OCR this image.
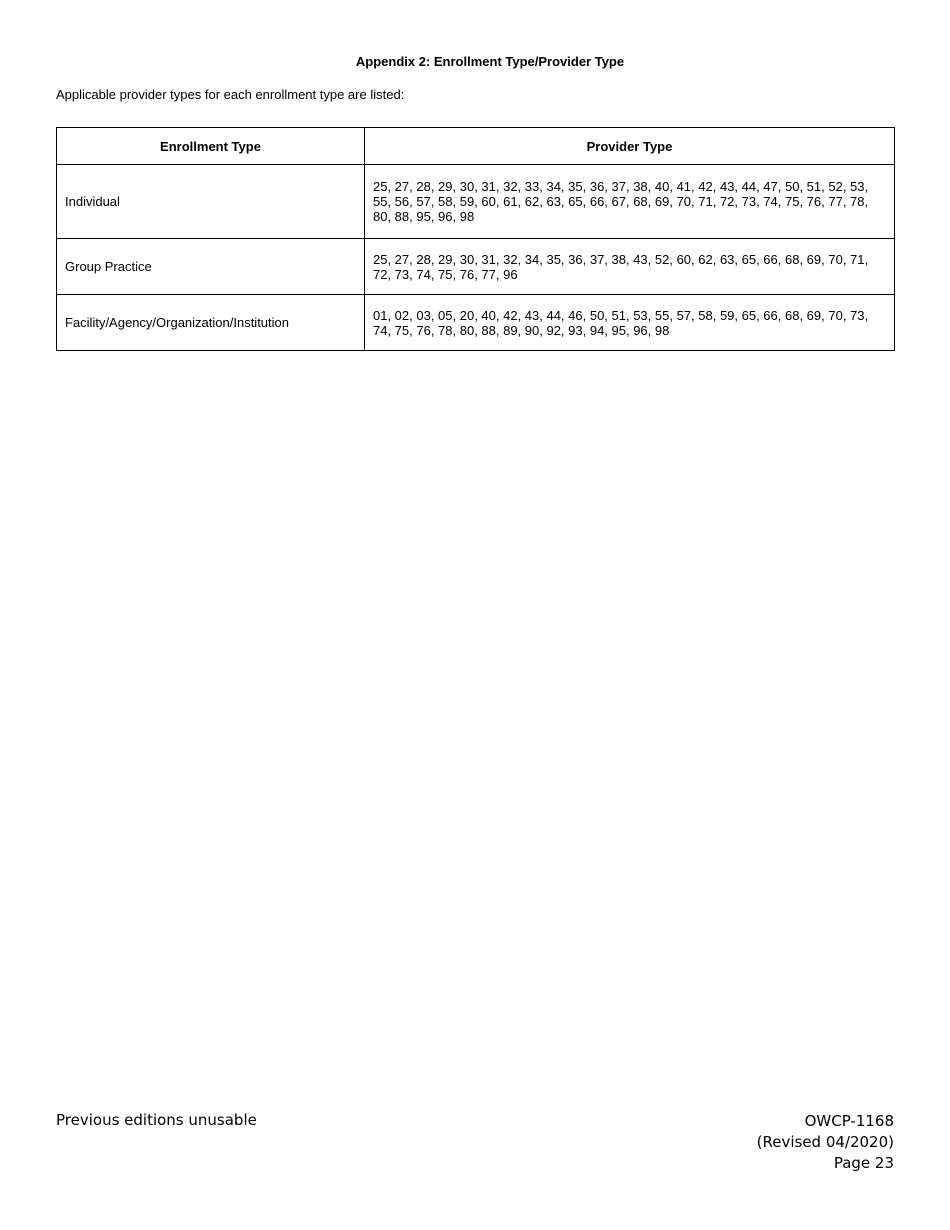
Appendix 2: Enrollment Type/Provider Type

Applicable provider types for each enrollment type are listed:

Enrollment Type	Provider Type
Individual	25, 27, 28, 29, 30, 31, 32, 33, 34, 35, 36, 37, 38, 40, 41, 42, 43, 44, 47, 50, 51, 52, 53, 55, 56, 57, 58, 59, 60, 61, 62, 63, 65, 66, 67, 68, 69, 70, 71, 72, 73, 74, 75, 76, 77, 78, 80, 88, 95, 96, 98
Group Practice	25, 27, 28, 29, 30, 31, 32, 34, 35, 36, 37, 38, 43, 52, 60, 62, 63, 65, 66, 68, 69, 70, 71, 72, 73, 74, 75, 76, 77, 96
Facility/Agency/Organization/Institution	01, 02, 03, 05, 20, 40, 42, 43, 44, 46, 50, 51, 53, 55, 57, 58, 59, 65, 66, 68, 69, 70, 73, 74, 75, 76, 78, 80, 88, 89, 90, 92, 93, 94, 95, 96, 98

Previous editions unusable	OWCP-1168
(Revised 04/2020)
Page 23
